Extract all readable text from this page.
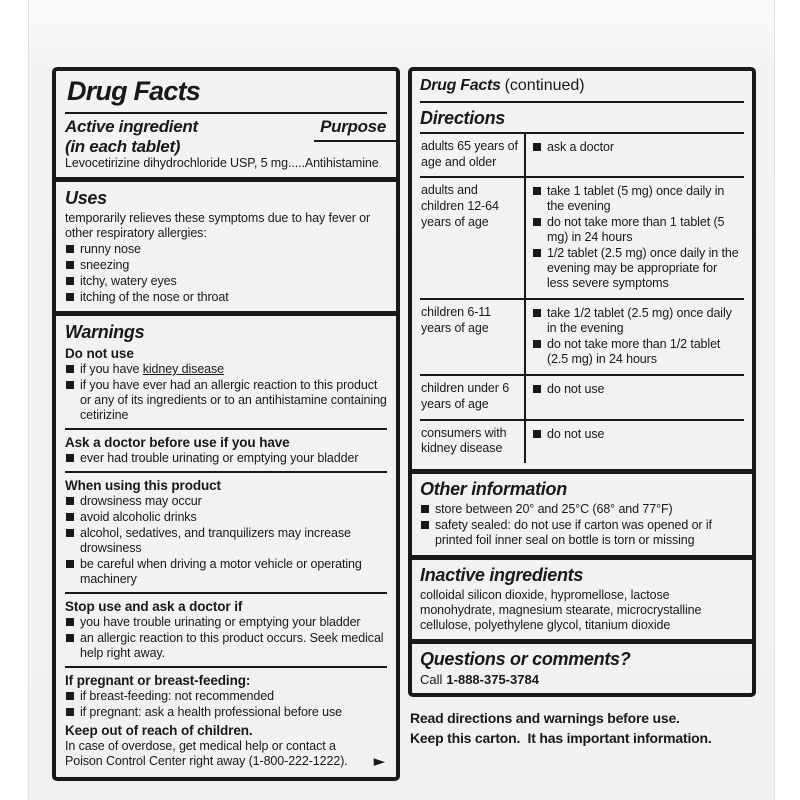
Drug Facts
Active ingredient
(in each tablet)
Purpose
Levocetirizine dihydrochloride USP, 5 mg.....Antihistamine
Uses
temporarily relieves these symptoms due to hay fever or other respiratory allergies:
runny nose
sneezing
itchy, watery eyes
itching of the nose or throat
Warnings
Do not use
if you have kidney disease
if you have ever had an allergic reaction to this product or any of its ingredients or to an antihistamine containing cetirizine
Ask a doctor before use if you have
ever had trouble urinating or emptying your bladder
When using this product
drowsiness may occur
avoid alcoholic drinks
alcohol, sedatives, and tranquilizers may increase drowsiness
be careful when driving a motor vehicle or operating machinery
Stop use and ask a doctor if
you have trouble urinating or emptying your bladder
an allergic reaction to this product occurs. Seek medical help right away.
If pregnant or breast-feeding:
if breast-feeding: not recommended
if pregnant: ask a health professional before use
Keep out of reach of children.
In case of overdose, get medical help or contact a Poison Control Center right away (1-800-222-1222). ►
Drug Facts (continued)
Directions
adults 65 years of age and older
ask a doctor
adults and children 12-64 years of age
take 1 tablet (5 mg) once daily in the evening
do not take more than 1 tablet (5 mg) in 24 hours
1/2 tablet (2.5 mg) once daily in the evening may be appropriate for less severe symptoms
children 6-11 years of age
take 1/2 tablet (2.5 mg) once daily in the evening
do not take more than 1/2 tablet (2.5 mg) in 24 hours
children under 6 years of age
do not use
consumers with kidney disease
do not use
Other information
store between 20° and 25°C (68° and 77°F)
safety sealed: do not use if carton was opened or if printed foil inner seal on bottle is torn or missing
Inactive ingredients
colloidal silicon dioxide, hypromellose, lactose monohydrate, magnesium stearate, microcrystalline cellulose, polyethylene glycol, titanium dioxide
Questions or comments?
Call 1-888-375-3784
Read directions and warnings before use.
Keep this carton.  It has important information.
